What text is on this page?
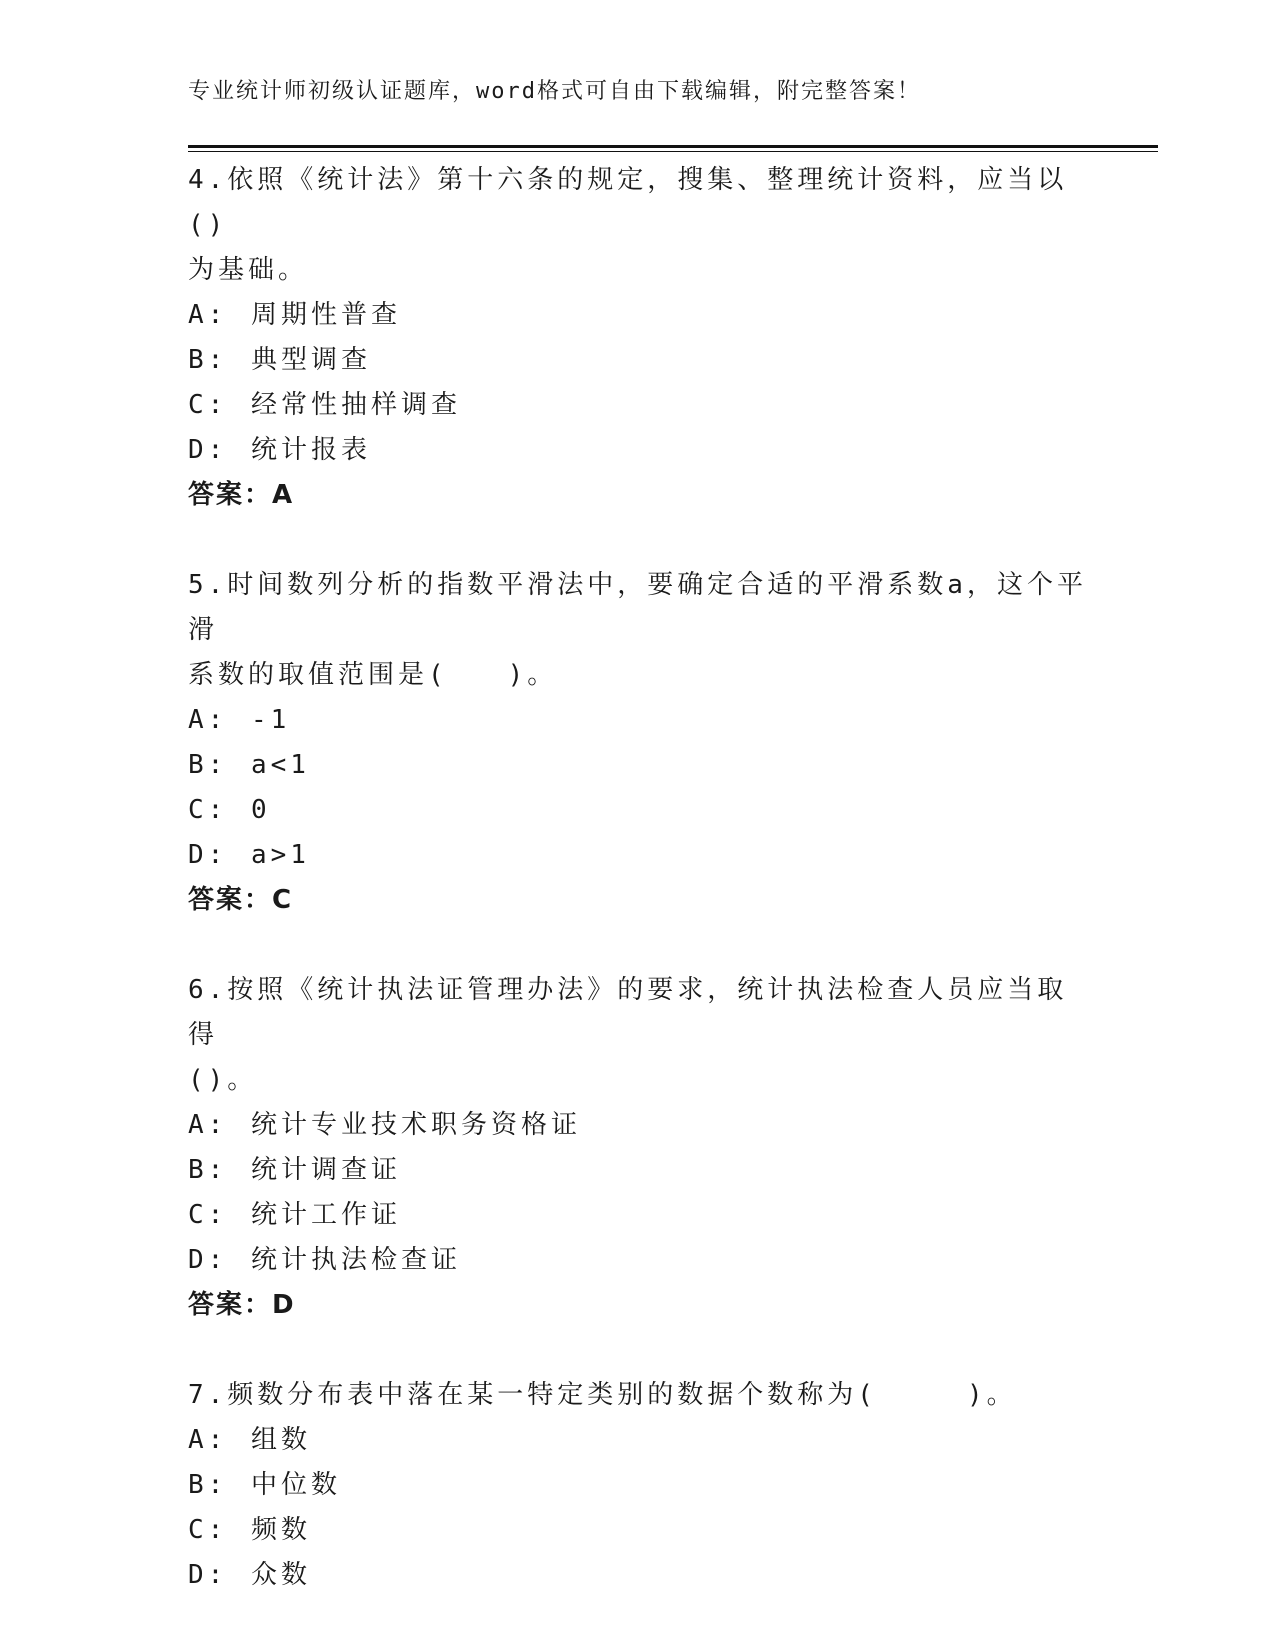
专业统计师初级认证题库，word格式可自由下载编辑，附完整答案！
4.依照《统计法》第十六条的规定，搜集、整理统计资料，应当以()
为基础。
A: 周期性普查
B: 典型调查
C: 经常性抽样调查
D: 统计报表
答案：A
5.时间数列分析的指数平滑法中，要确定合适的平滑系数a，这个平滑
系数的取值范围是(　　)。
A: -1
B: a<1
C: 0
D: a>1
答案：C
6.按照《统计执法证管理办法》的要求，统计执法检查人员应当取得
()。
A: 统计专业技术职务资格证
B: 统计调查证
C: 统计工作证
D: 统计执法检查证
答案：D
7.频数分布表中落在某一特定类别的数据个数称为(　　　)。
A: 组数
B: 中位数
C: 频数
D: 众数
